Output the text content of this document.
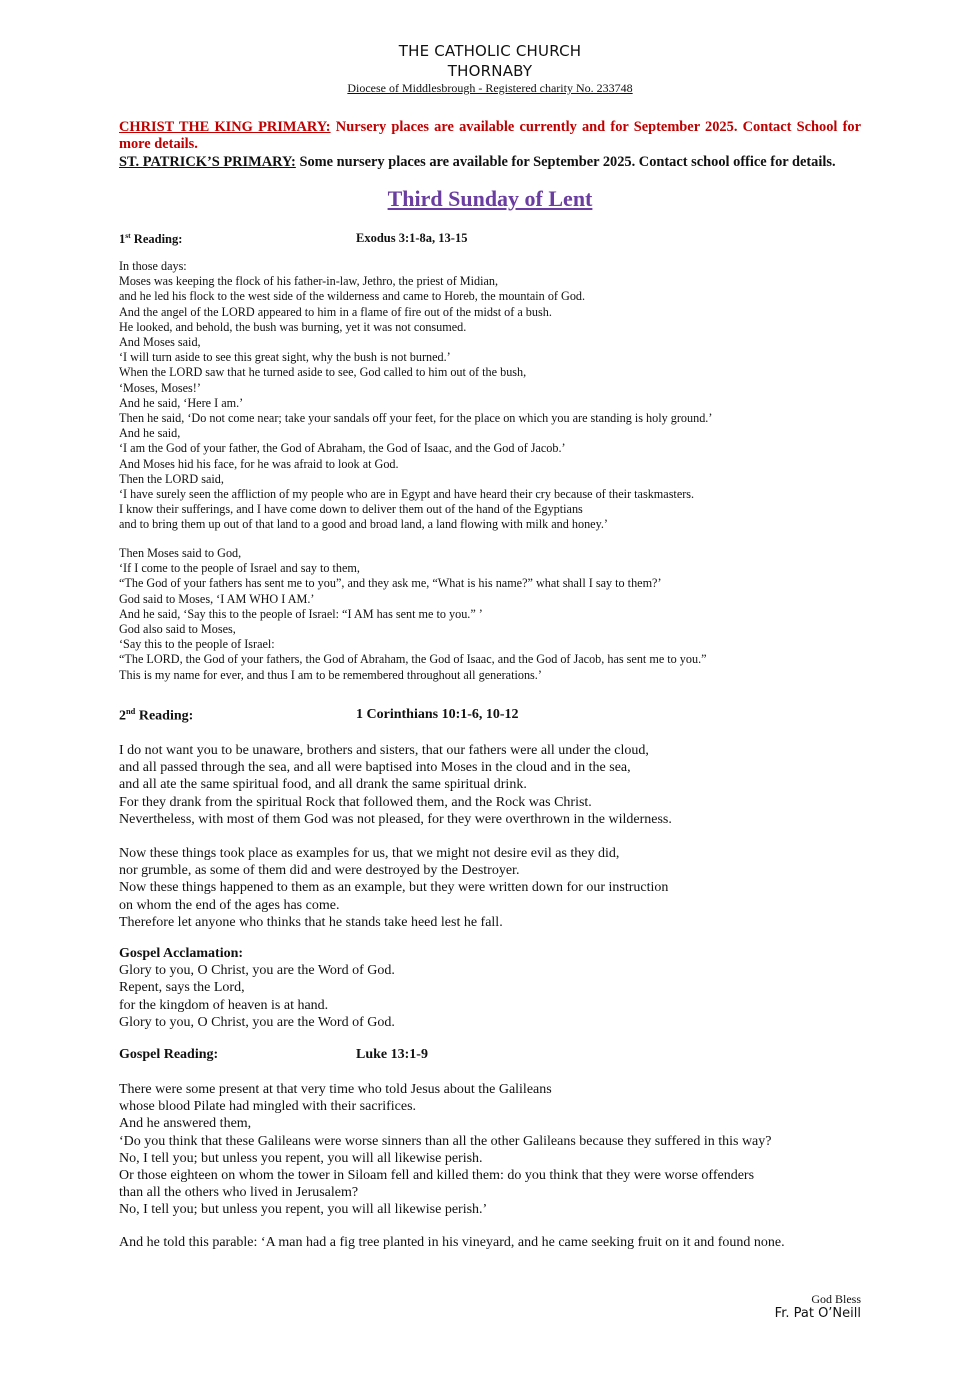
THE CATHOLIC CHURCH
THORNABY
Diocese of Middlesbrough - Registered charity No. 233748
CHRIST THE KING PRIMARY: Nursery places are available currently and for September 2025. Contact School for more details.
ST. PATRICK’S PRIMARY: Some nursery places are available for September 2025. Contact school office for details.
Third Sunday of Lent
1st Reading:	Exodus 3:1-8a, 13-15
In those days:
Moses was keeping the flock of his father-in-law, Jethro, the priest of Midian,
and he led his flock to the west side of the wilderness and came to Horeb, the mountain of God.
And the angel of the LORD appeared to him in a flame of fire out of the midst of a bush.
He looked, and behold, the bush was burning, yet it was not consumed.
And Moses said,
‘I will turn aside to see this great sight, why the bush is not burned.’
When the LORD saw that he turned aside to see, God called to him out of the bush,
‘Moses, Moses!’
And he said, ‘Here I am.’
Then he said, ‘Do not come near; take your sandals off your feet, for the place on which you are standing is holy ground.’
And he said,
‘I am the God of your father, the God of Abraham, the God of Isaac, and the God of Jacob.’
And Moses hid his face, for he was afraid to look at God.
Then the LORD said,
‘I have surely seen the affliction of my people who are in Egypt and have heard their cry because of their taskmasters.
I know their sufferings, and I have come down to deliver them out of the hand of the Egyptians
and to bring them up out of that land to a good and broad land, a land flowing with milk and honey.’
Then Moses said to God,
‘If I come to the people of Israel and say to them,
“The God of your fathers has sent me to you”, and they ask me, “What is his name?” what shall I say to them?’
God said to Moses, ‘I AM WHO I AM.’
And he said, ‘Say this to the people of Israel: “I AM has sent me to you.” ’
God also said to Moses,
‘Say this to the people of Israel:
“The LORD, the God of your fathers, the God of Abraham, the God of Isaac, and the God of Jacob, has sent me to you.”
This is my name for ever, and thus I am to be remembered throughout all generations.’
2nd Reading:	1 Corinthians 10:1-6, 10-12
I do not want you to be unaware, brothers and sisters, that our fathers were all under the cloud,
and all passed through the sea, and all were baptised into Moses in the cloud and in the sea,
and all ate the same spiritual food, and all drank the same spiritual drink.
For they drank from the spiritual Rock that followed them, and the Rock was Christ.
Nevertheless, with most of them God was not pleased, for they were overthrown in the wilderness.
Now these things took place as examples for us, that we might not desire evil as they did,
nor grumble, as some of them did and were destroyed by the Destroyer.
Now these things happened to them as an example, but they were written down for our instruction
on whom the end of the ages has come.
Therefore let anyone who thinks that he stands take heed lest he fall.
Gospel Acclamation:
Glory to you, O Christ, you are the Word of God.
Repent, says the Lord,
for the kingdom of heaven is at hand.
Glory to you, O Christ, you are the Word of God.
Gospel Reading:	Luke 13:1-9
There were some present at that very time who told Jesus about the Galileans
whose blood Pilate had mingled with their sacrifices.
And he answered them,
‘Do you think that these Galileans were worse sinners than all the other Galileans because they suffered in this way?
No, I tell you; but unless you repent, you will all likewise perish.
Or those eighteen on whom the tower in Siloam fell and killed them: do you think that they were worse offenders
than all the others who lived in Jerusalem?
No, I tell you; but unless you repent, you will all likewise perish.’
And he told this parable: ‘A man had a fig tree planted in his vineyard, and he came seeking fruit on it and found none.
God Bless
Fr. Pat O’Neill
